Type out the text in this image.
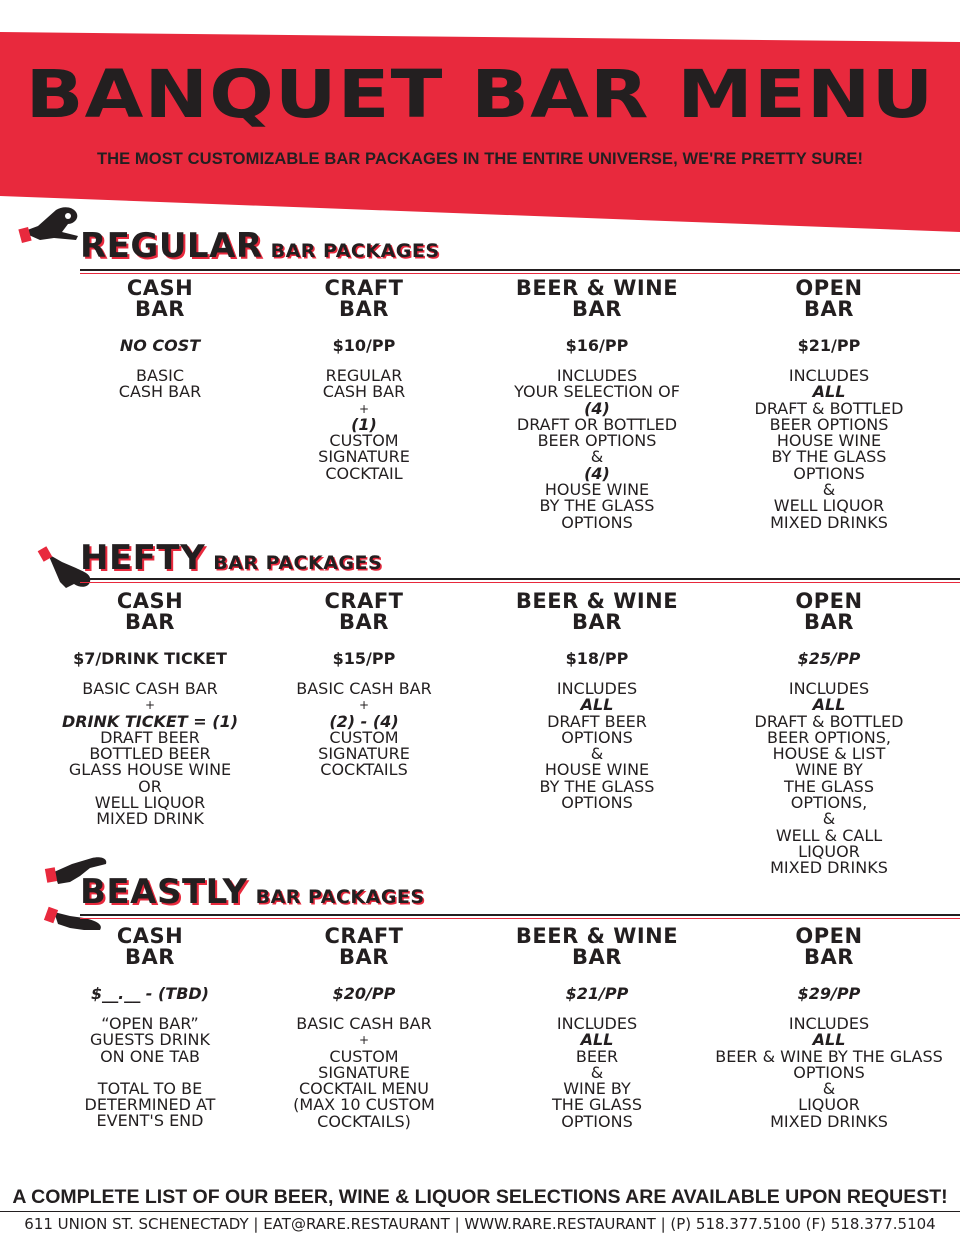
BANQUET BAR MENU
THE MOST CUSTOMIZABLE BAR PACKAGES IN THE ENTIRE UNIVERSE, WE'RE PRETTY SURE!
REGULAR BAR PACKAGES
CASH
BAR
NO COST
BASIC
CASH BAR
CRAFT
BAR
$10/PP
REGULAR
CASH BAR
+
(1)
CUSTOM
SIGNATURE
COCKTAIL
BEER & WINE
BAR
$16/PP
INCLUDES
YOUR SELECTION OF
(4)
DRAFT OR BOTTLED
BEER OPTIONS
&
(4)
HOUSE WINE
BY THE GLASS
OPTIONS
OPEN
BAR
$21/PP
INCLUDES
ALL
DRAFT & BOTTLED
BEER OPTIONS
HOUSE WINE
BY THE GLASS
OPTIONS
&
WELL LIQUOR
MIXED DRINKS
HEFTY BAR PACKAGES
CASH
BAR
$7/DRINK TICKET
BASIC CASH BAR
+
DRINK TICKET = (1)
DRAFT BEER
BOTTLED BEER
GLASS HOUSE WINE
OR
WELL LIQUOR
MIXED DRINK
CRAFT
BAR
$15/PP
BASIC CASH BAR
+
(2) - (4)
CUSTOM
SIGNATURE
COCKTAILS
BEER & WINE
BAR
$18/PP
INCLUDES
ALL
DRAFT BEER
OPTIONS
&
HOUSE WINE
BY THE GLASS
OPTIONS
OPEN
BAR
$25/PP
INCLUDES
ALL
DRAFT & BOTTLED
BEER OPTIONS,
HOUSE & LIST
WINE BY
THE GLASS
OPTIONS,
&
WELL & CALL
LIQUOR
MIXED DRINKS
BEASTLY BAR PACKAGES
CASH
BAR
$__.__ - (TBD)
“OPEN BAR”
GUESTS DRINK
ON ONE TAB
TOTAL TO BE
DETERMINED AT
EVENT'S END
CRAFT
BAR
$20/PP
BASIC CASH BAR
+
CUSTOM
SIGNATURE
COCKTAIL MENU
(MAX 10 CUSTOM
COCKTAILS)
BEER & WINE
BAR
$21/PP
INCLUDES
ALL
BEER
&
WINE BY
THE GLASS
OPTIONS
OPEN
BAR
$29/PP
INCLUDES
ALL
BEER & WINE BY THE GLASS
OPTIONS
&
LIQUOR
MIXED DRINKS
A COMPLETE LIST OF OUR BEER, WINE & LIQUOR SELECTIONS ARE AVAILABLE UPON REQUEST!
611 UNION ST. SCHENECTADY | EAT@RARE.RESTAURANT | WWW.RARE.RESTAURANT | (P) 518.377.5100 (F) 518.377.5104
